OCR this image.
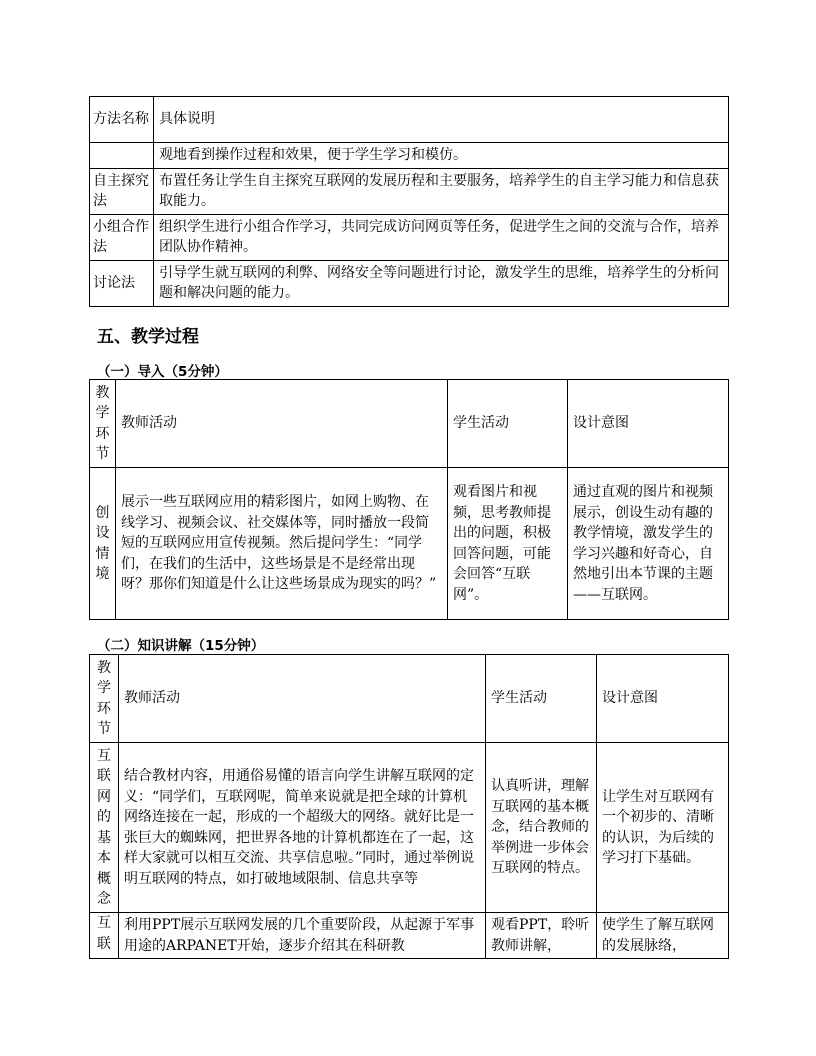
方法名称	具体说明
	观地看到操作过程和效果，便于学生学习和模仿。
自主探究法	布置任务让学生自主探究互联网的发展历程和主要服务，培养学生的自主学习能力和信息获取能力。
小组合作法	组织学生进行小组合作学习，共同完成访问网页等任务，促进学生之间的交流与合作，培养团队协作精神。
讨论法	引导学生就互联网的利弊、网络安全等问题进行讨论，激发学生的思维，培养学生的分析问题和解决问题的能力。
五、教学过程
（一）导入（5分钟）
教学环节	教师活动	学生活动	设计意图
创设情境	展示一些互联网应用的精彩图片，如网上购物、在线学习、视频会议、社交媒体等，同时播放一段简短的互联网应用宣传视频。然后提问学生：“同学们，在我们的生活中，这些场景是不是经常出现呀？那你们知道是什么让这些场景成为现实的吗？”	观看图片和视频，思考教师提出的问题，积极回答问题，可能会回答“互联网”。	通过直观的图片和视频展示，创设生动有趣的教学情境，激发学生的学习兴趣和好奇心，自然地引出本节课的主题——互联网。
（二）知识讲解（15分钟）
教学环节	教师活动	学生活动	设计意图
互联网的基本概念	结合教材内容，用通俗易懂的语言向学生讲解互联网的定义：“同学们，互联网呢，简单来说就是把全球的计算机网络连接在一起，形成的一个超级大的网络。就好比是一张巨大的蜘蛛网，把世界各地的计算机都连在了一起，这样大家就可以相互交流、共享信息啦。”同时，通过举例说明互联网的特点，如打破地域限制、信息共享等	认真听讲，理解互联网的基本概念，结合教师的举例进一步体会互联网的特点。	让学生对互联网有一个初步的、清晰的认识，为后续的学习打下基础。
互联	利用PPT展示互联网发展的几个重要阶段，从起源于军事用途的ARPANET开始，逐步介绍其在科研教	观看PPT，聆听教师讲解，	使学生了解互联网的发展脉络，
